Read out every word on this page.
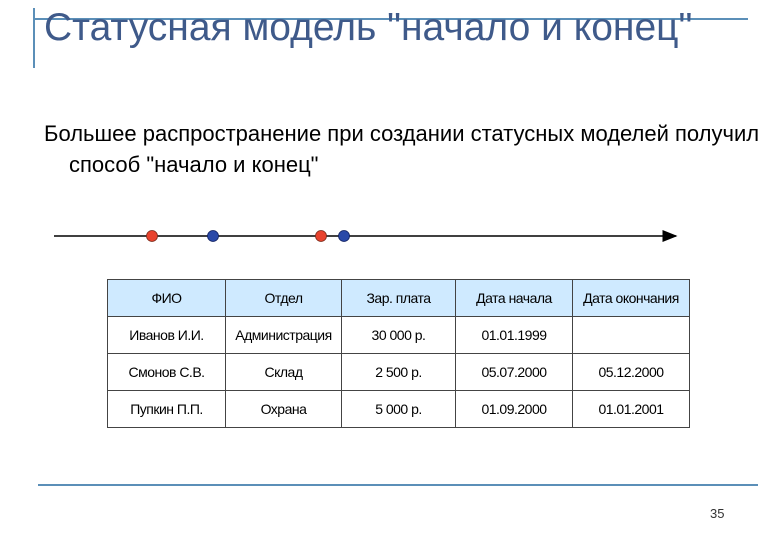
Статусная модель "начало и конец"

Большее распространение при создании статусных моделей получил способ "начало и конец"

ФИО	Отдел	Зар. плата	Дата начала	Дата окончания
Иванов И.И.	Администрация	30 000 р.	01.01.1999	
Смонов С.В.	Склад	2 500 р.	05.07.2000	05.12.2000
Пупкин П.П.	Охрана	5 000 р.	01.09.2000	01.01.2001
35
